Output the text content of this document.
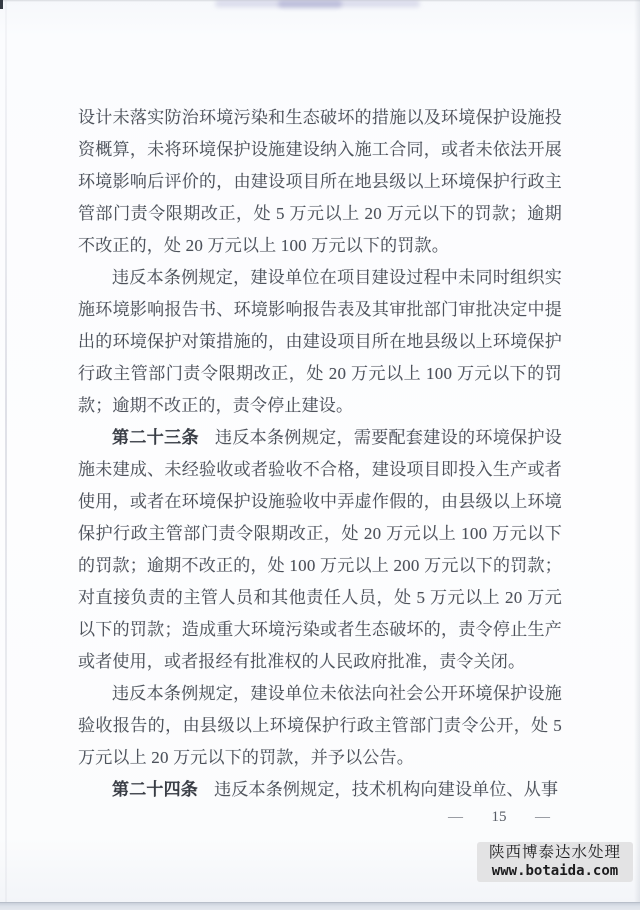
设计未落实防治环境污染和生态破坏的措施以及环境保护设施投资概算，未将环境保护设施建设纳入施工合同，或者未依法开展环境影响后评价的，由建设项目所在地县级以上环境保护行政主管部门责令限期改正，处 5 万元以上 20 万元以下的罚款；逾期不改正的，处 20 万元以上 100 万元以下的罚款。

违反本条例规定，建设单位在项目建设过程中未同时组织实施环境影响报告书、环境影响报告表及其审批部门审批决定中提出的环境保护对策措施的，由建设项目所在地县级以上环境保护行政主管部门责令限期改正，处 20 万元以上 100 万元以下的罚款；逾期不改正的，责令停止建设。

第二十三条 违反本条例规定，需要配套建设的环境保护设施未建成、未经验收或者验收不合格，建设项目即投入生产或者使用，或者在环境保护设施验收中弄虚作假的，由县级以上环境保护行政主管部门责令限期改正，处 20 万元以上 100 万元以下的罚款；逾期不改正的，处 100 万元以上 200 万元以下的罚款；对直接负责的主管人员和其他责任人员，处 5 万元以上 20 万元以下的罚款；造成重大环境污染或者生态破坏的，责令停止生产或者使用，或者报经有批准权的人民政府批准，责令关闭。

违反本条例规定，建设单位未依法向社会公开环境保护设施验收报告的，由县级以上环境保护行政主管部门责令公开，处 5 万元以上 20 万元以下的罚款，并予以公告。

第二十四条 违反本条例规定，技术机构向建设单位、从事

— 15 —
陕西博泰达水处理
www.botaida.com
